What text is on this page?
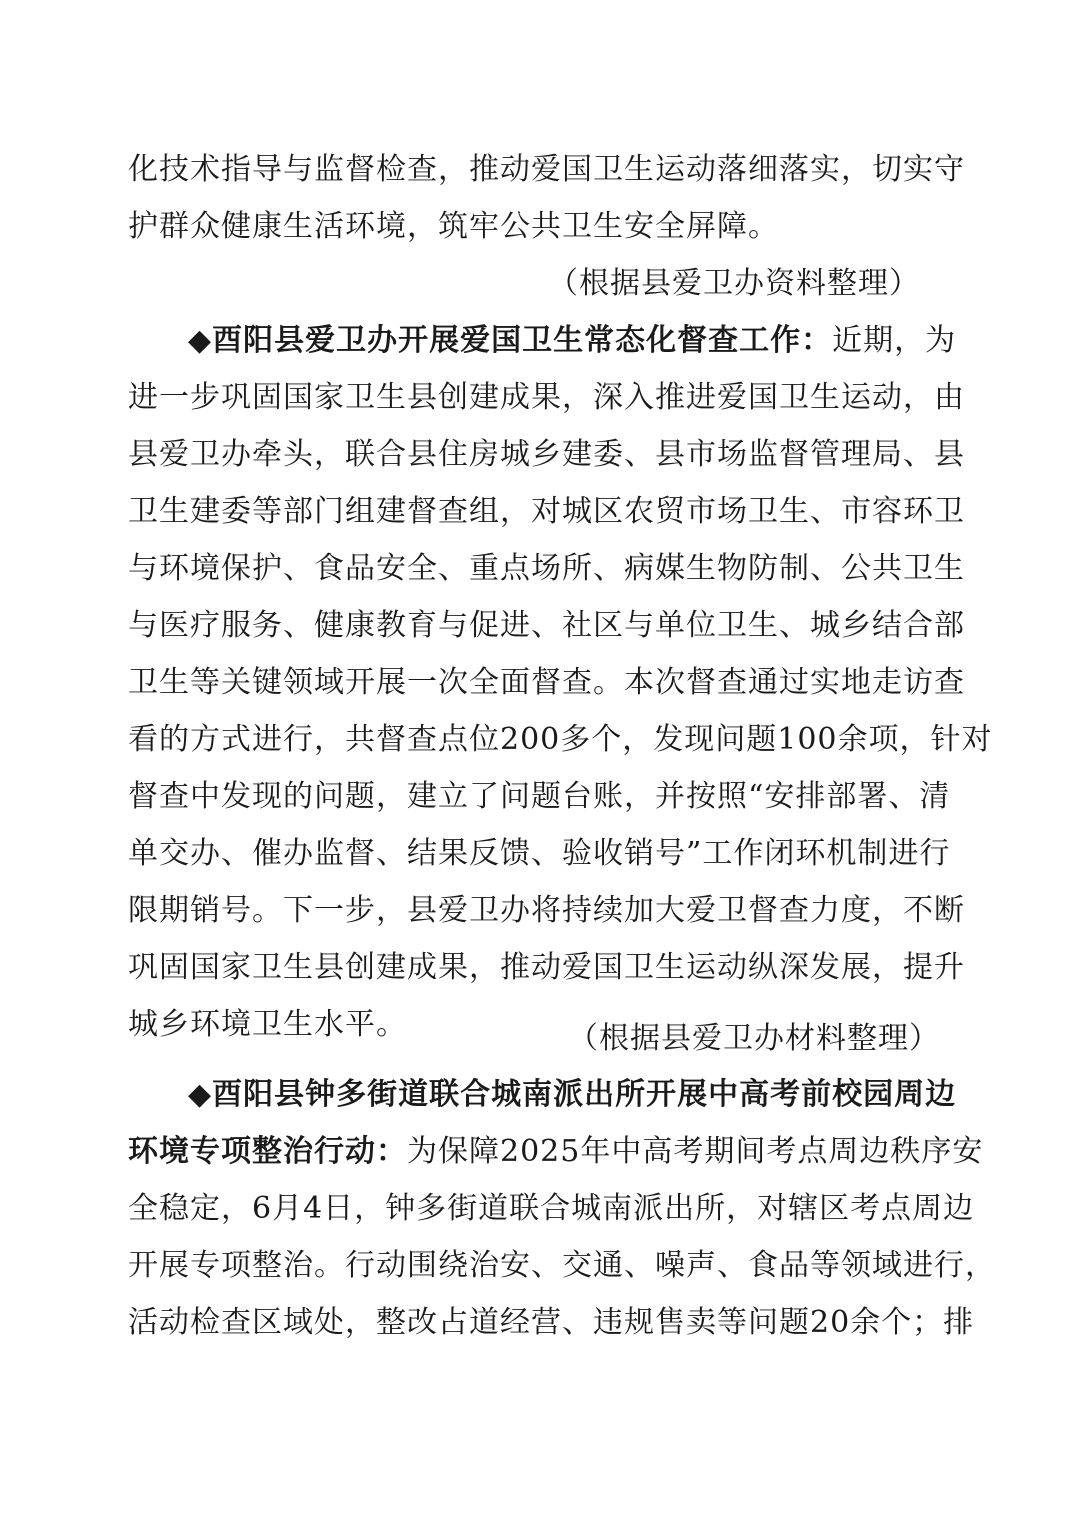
化技术指导与监督检查，推动爱国卫生运动落细落实，切实守
护群众健康生活环境，筑牢公共卫生安全屏障。
（根据县爱卫办资料整理）
◆酉阳县爱卫办开展爱国卫生常态化督查工作：近期，为
进一步巩固国家卫生县创建成果，深入推进爱国卫生运动，由
县爱卫办牵头，联合县住房城乡建委、县市场监督管理局、县
卫生建委等部门组建督查组，对城区农贸市场卫生、市容环卫
与环境保护、食品安全、重点场所、病媒生物防制、公共卫生
与医疗服务、健康教育与促进、社区与单位卫生、城乡结合部
卫生等关键领域开展一次全面督查。本次督查通过实地走访查
看的方式进行，共督查点位200多个，发现问题100余项，针对
督查中发现的问题，建立了问题台账，并按照“安排部署、清
单交办、催办监督、结果反馈、验收销号”工作闭环机制进行
限期销号。下一步，县爱卫办将持续加大爱卫督查力度，不断
巩固国家卫生县创建成果，推动爱国卫生运动纵深发展，提升
城乡环境卫生水平。	（根据县爱卫办材料整理）
◆酉阳县钟多街道联合城南派出所开展中高考前校园周边
环境专项整治行动：为保障2025年中高考期间考点周边秩序安
全稳定，6月4日，钟多街道联合城南派出所，对辖区考点周边
开展专项整治。行动围绕治安、交通、噪声、食品等领域进行，
活动检查区域处，整改占道经营、违规售卖等问题20余个；排
